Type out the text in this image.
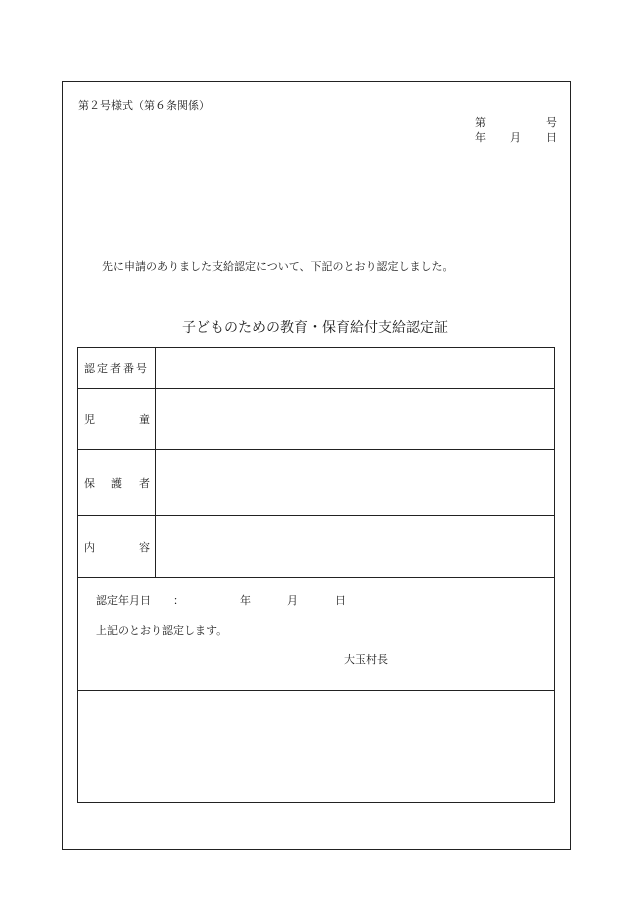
第２号様式（第６条関係）
第	号
年 月 日
先に申請のありました支給認定について、下記のとおり認定しました。
子どものための教育・保育給付支給認定証
認定者番号
児	童
保 護 者
内	容
認定年月日 ：	年	月	日
上記のとおり認定します。
大玉村長
